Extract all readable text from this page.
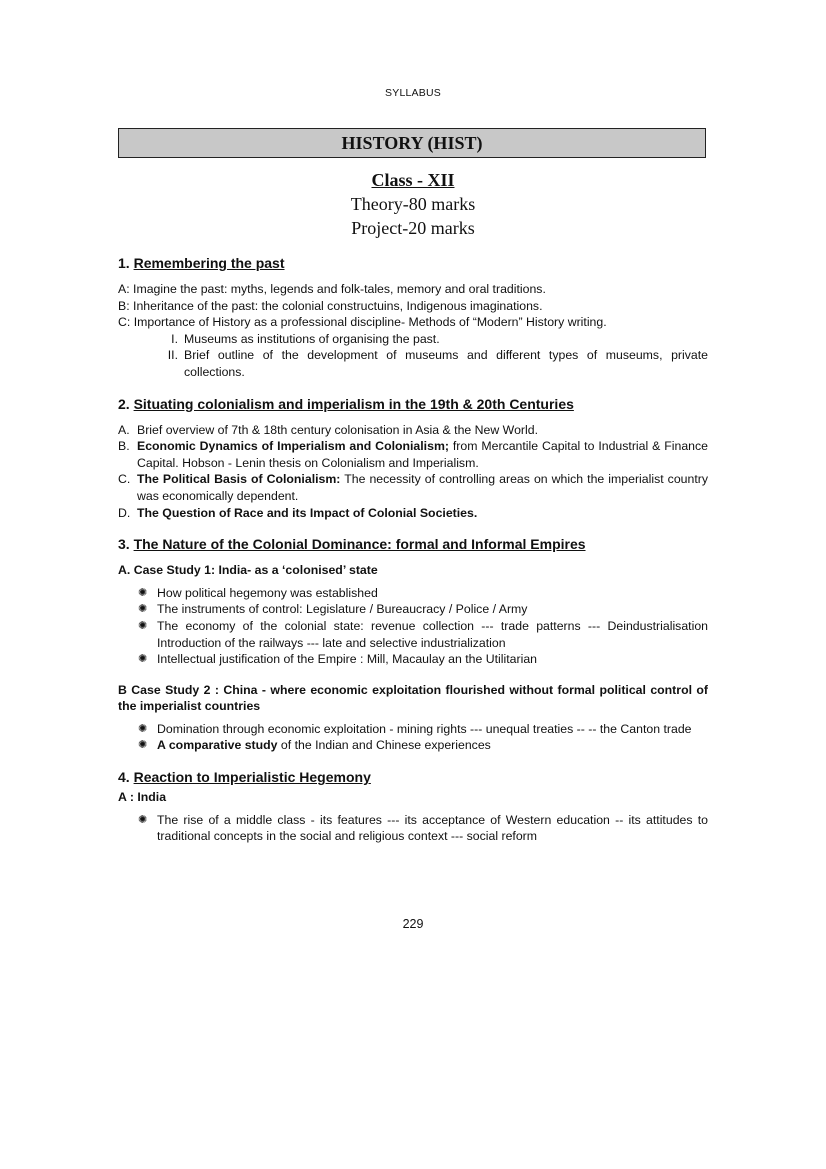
SYLLABUS
HISTORY (HIST)
Class - XII
Theory-80 marks
Project-20 marks
1. Remembering the past

A: Imagine the past: myths, legends and folk-tales, memory and oral traditions.

B: Inheritance of the past: the colonial constructuins, Indigenous imaginations.

C: Importance of History as a professional discipline- Methods of “Modern” History writing.

I. Museums as institutions of organising the past.
II. Brief outline of the development of museums and different types of museums, private collections.
2. Situating colonialism and imperialism in the 19th & 20th Centuries
A. Brief overview of 7th & 18th century colonisation in Asia & the New World.
B. Economic Dynamics of Imperialism and Colonialism; from Mercantile Capital to Industrial & Finance Capital. Hobson - Lenin thesis on Colonialism and Imperialism.
C. The Political Basis of Colonialism: The necessity of controlling areas on which the imperialist country was economically dependent.
D. The Question of Race and its Impact of Colonial Societies.
3. The Nature of the Colonial Dominance: formal and Informal Empires
A. Case Study 1: India- as a ‘colonised’ state
✺ How political hegemony was established
✺ The instruments of control: Legislature / Bureaucracy / Police / Army
✺ The economy of the colonial state: revenue collection --- trade patterns --- Deindustrialisation Introduction of the railways --- late and selective industrialization
✺ Intellectual justification of the Empire : Mill, Macaulay an the Utilitarian
B Case Study 2 : China - where economic exploitation flourished without formal political control of the imperialist countries
✺ Domination through economic exploitation - mining rights --- unequal treaties -- -- the Canton trade
✺ A comparative study of the Indian and Chinese experiences
4. Reaction to Imperialistic Hegemony
A : India
✺ The rise of a middle class - its features --- its acceptance of Western education -- its attitudes to traditional concepts in the social and religious context --- social reform
229
